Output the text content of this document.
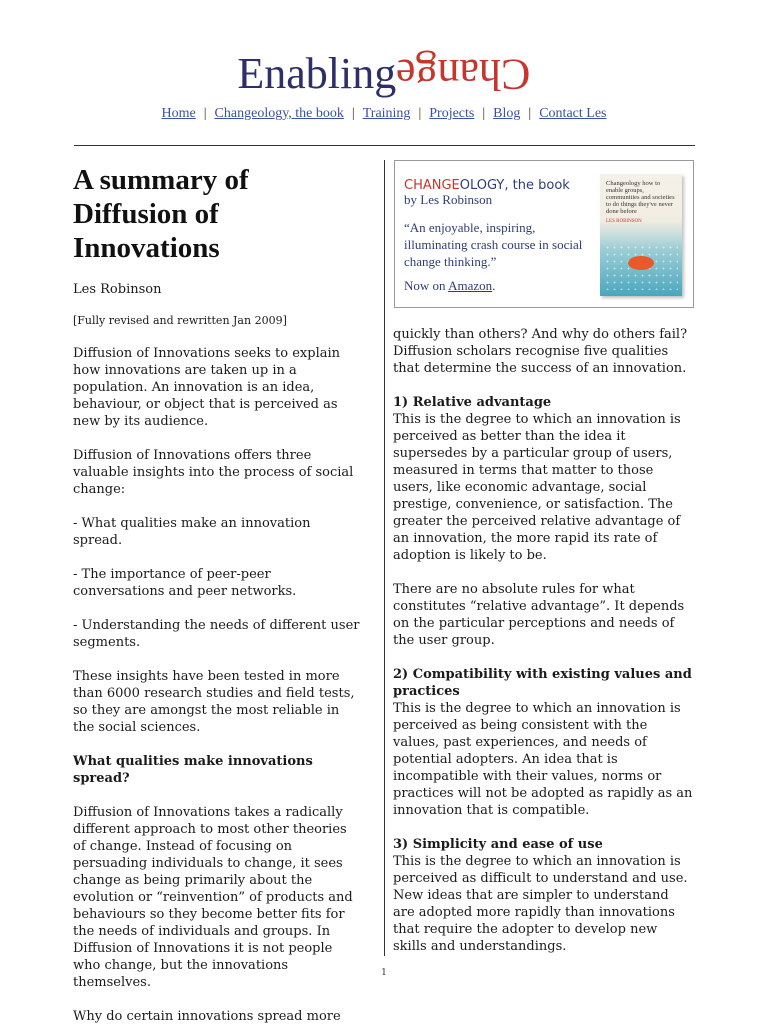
EnablingChange
Home | Changeology, the book | Training | Projects | Blog | Contact Les
A summary of Diffusion of Innovations
Les Robinson
[Fully revised and rewritten Jan 2009]

Diffusion of Innovations seeks to explain how innovations are taken up in a population. An innovation is an idea, behaviour, or object that is perceived as new by its audience.

Diffusion of Innovations offers three valuable insights into the process of social change:

- What qualities make an innovation spread.

- The importance of peer-peer conversations and peer networks.

- Understanding the needs of different user segments.

These insights have been tested in more than 6000 research studies and field tests, so they are amongst the most reliable in the social sciences.

What qualities make innovations spread?

Diffusion of Innovations takes a radically different approach to most other theories of change. Instead of focusing on persuading individuals to change, it sees change as being primarily about the evolution or “reinvention” of products and behaviours so they become better fits for the needs of individuals and groups. In Diffusion of Innovations it is not people who change, but the innovations themselves.

Why do certain innovations spread more

CHANGEOLOGY, the book
by Les Robinson
“An enjoyable, inspiring, illuminating crash course in social change thinking.”
Now on Amazon.
Changeology how to enable groups, communities and societies to do things they've never done before
LES ROBINSON

quickly than others? And why do others fail? Diffusion scholars recognise five qualities that determine the success of an innovation.

1) Relative advantage

This is the degree to which an innovation is perceived as better than the idea it supersedes by a particular group of users, measured in terms that matter to those users, like economic advantage, social prestige, convenience, or satisfaction. The greater the perceived relative advantage of an innovation, the more rapid its rate of adoption is likely to be.

There are no absolute rules for what constitutes “relative advantage”. It depends on the particular perceptions and needs of the user group.

2) Compatibility with existing values and practices

This is the degree to which an innovation is perceived as being consistent with the values, past experiences, and needs of potential adopters. An idea that is incompatible with their values, norms or practices will not be adopted as rapidly as an innovation that is compatible.

3) Simplicity and ease of use

This is the degree to which an innovation is perceived as difficult to understand and use. New ideas that are simpler to understand are adopted more rapidly than innovations that require the adopter to develop new skills and understandings.

1
